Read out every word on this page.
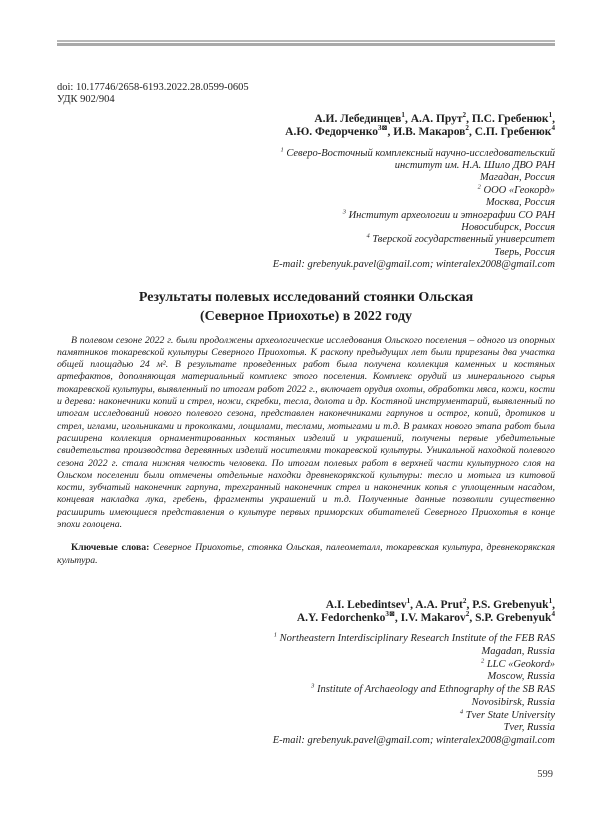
doi: 10.17746/2658-6193.2022.28.0599-0605
УДК 902/904
А.И. Лебединцев$^1$, А.А. Прут$^2$, П.С. Гребенюк$^1$,
А.Ю. Федорченко$^{3⊠}$, И.В. Макаров$^2$, С.П. Гребенюк$^4$
$^1$ Северо-Восточный комплексный научно-исследовательский
институт им. Н.А. Шило ДВО РАН
Магадан, Россия
$^2$ ООО «Геокорд»
Москва, Россия
$^3$ Институт археологии и этнографии СО РАН
Новосибирск, Россия
$^4$ Тверской государственный университет
Тверь, Россия
E-mail: grebenyuk.pavel@gmail.com; winteralex2008@gmail.com
Результаты полевых исследований стоянки Ольская
(Северное Приохотье) в 2022 году
В полевом сезоне 2022 г. были продолжены археологические исследования Ольского поселения – одного из опорных памятников токаревской культуры Северного Приохотья. К раскопу предыдущих лет были прирезаны два участка общей площадью 24 м². В результате проведенных работ была получена коллекция каменных и костяных артефактов, дополняющая материальный комплекс этого поселения. Комплекс орудий из минерального сырья токаревской культуры, выявленный по итогам работ 2022 г., включает орудия охоты, обработки мяса, кожи, кости и дерева: наконечники копий и стрел, ножи, скребки, тесла, долота и др. Костяной инструментарий, выявленный по итогам исследований нового полевого сезона, представлен наконечниками гарпунов и острог, копий, дротиков и стрел, иглами, игольниками и проколками, лощилами, теслами, мотыгами и т.д. В рамках нового этапа работ была расширена коллекция орнаментированных костяных изделий и украшений, получены первые убедительные свидетельства производства деревянных изделий носителями токаревской культуры. Уникальной находкой полевого сезона 2022 г. стала нижняя челюсть человека. По итогам полевых работ в верхней части культурного слоя на Ольском поселении были отмечены отдельные находки древнекорякской культуры: тесло и мотыга из китовой кости, зубчатый наконечник гарпуна, трехгранный наконечник стрел и наконечник копья с уплощенным насадом, концевая накладка лука, гребень, фрагменты украшений и т.д. Полученные данные позволили существенно расширить имеющиеся представления о культуре первых приморских обитателей Северного Приохотья в конце эпохи голоцена.
Ключевые слова: Северное Приохотье, стоянка Ольская, палеометалл, токаревская культура, древнекорякская культура.
A.I. Lebedintsev$^1$, A.A. Prut$^2$, P.S. Grebenyuk$^1$,
A.Y. Fedorchenko$^{3⊠}$, I.V. Makarov$^2$, S.P. Grebenyuk$^4$
$^1$ Northeastern Interdisciplinary Research Institute of the FEB RAS
Magadan, Russia
$^2$ LLC «Geokord»
Moscow, Russia
$^3$ Institute of Archaeology and Ethnography of the SB RAS
Novosibirsk, Russia
$^4$ Tver State University
Tver, Russia
E-mail: grebenyuk.pavel@gmail.com; winteralex2008@gmail.com
599
